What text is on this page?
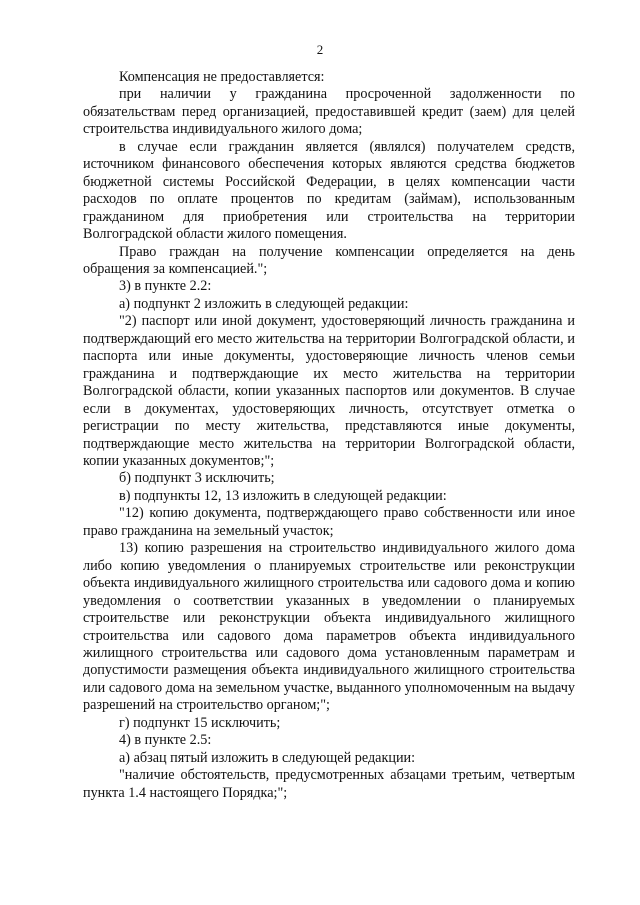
2

Компенсация не предоставляется:

при наличии у гражданина просроченной задолженности по обязательствам перед организацией, предоставившей кредит (заем) для целей строительства индивидуального жилого дома;

в случае если гражданин является (являлся) получателем средств, источником финансового обеспечения которых являются средства бюджетов бюджетной системы Российской Федерации, в целях компенсации части расходов по оплате процентов по кредитам (займам), использованным гражданином для приобретения или строительства на территории Волгоградской области жилого помещения.

Право граждан на получение компенсации определяется на день обращения за компенсацией.";

3) в пункте 2.2:

а) подпункт 2 изложить в следующей редакции:

"2) паспорт или иной документ, удостоверяющий личность гражданина и подтверждающий его место жительства на территории Волгоградской области, и паспорта или иные документы, удостоверяющие личность членов семьи гражданина и подтверждающие их место жительства на территории Волгоградской области, копии указанных паспортов или документов. В случае если в документах, удостоверяющих личность, отсутствует отметка о регистрации по месту жительства, представляются иные документы, подтверждающие место жительства на территории Волгоградской области, копии указанных документов;";

б) подпункт 3 исключить;

в) подпункты 12, 13 изложить в следующей редакции:

"12) копию документа, подтверждающего право собственности или иное право гражданина на земельный участок;

13) копию разрешения на строительство индивидуального жилого дома либо копию уведомления о планируемых строительстве или реконструкции объекта индивидуального жилищного строительства или садового дома и копию уведомления о соответствии указанных в уведомлении о планируемых строительстве или реконструкции объекта индивидуального жилищного строительства или садового дома параметров объекта индивидуального жилищного строительства или садового дома установленным параметрам и допустимости размещения объекта индивидуального жилищного строительства или садового дома на земельном участке, выданного уполномоченным на выдачу разрешений на строительство органом;";

г) подпункт 15 исключить;

4) в пункте 2.5:

а) абзац пятый изложить в следующей редакции:

"наличие обстоятельств, предусмотренных абзацами третьим, четвертым пункта 1.4 настоящего Порядка;";
